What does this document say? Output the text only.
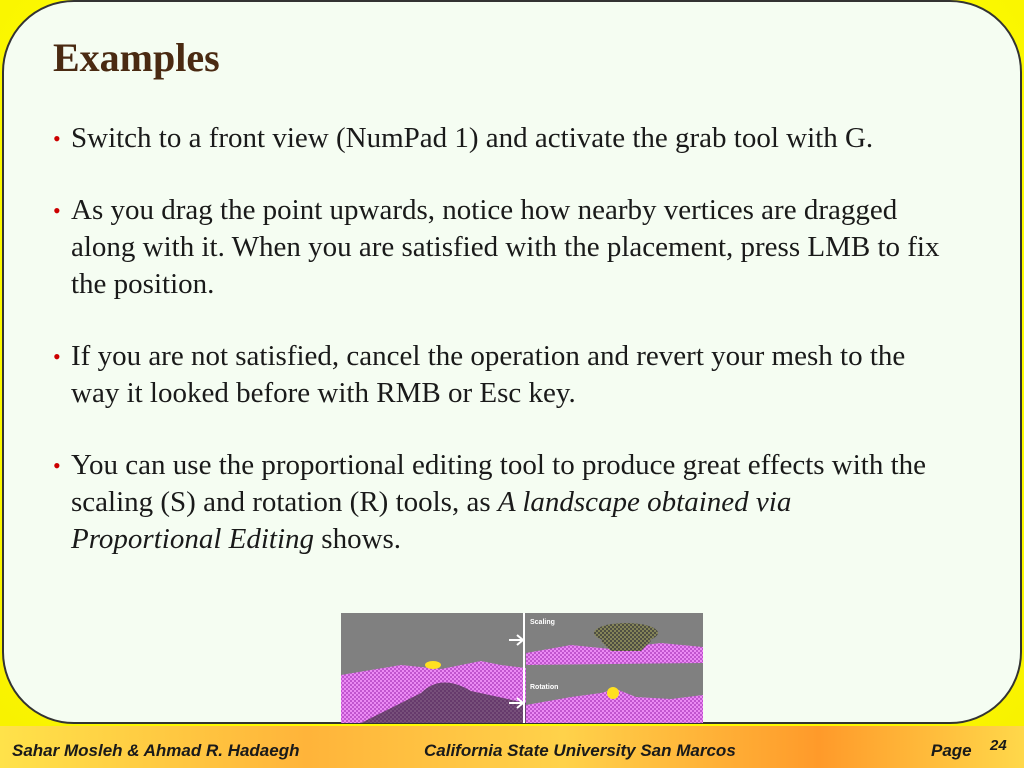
Examples
• Switch to a front view (NumPad 1) and activate the grab tool with G.
• As you drag the point upwards, notice how nearby vertices are dragged along with it. When you are satisfied with the placement, press LMB to fix the position.
• If you are not satisfied, cancel the operation and revert your mesh to the way it looked before with RMB or Esc key.
• You can use the proportional editing tool to produce great effects with the scaling (S) and rotation (R) tools, as A landscape obtained via Proportional Editing shows.
Scaling
Rotation
Sahar Mosleh & Ahmad R. Hadaegh	California State University San Marcos	Page 24
